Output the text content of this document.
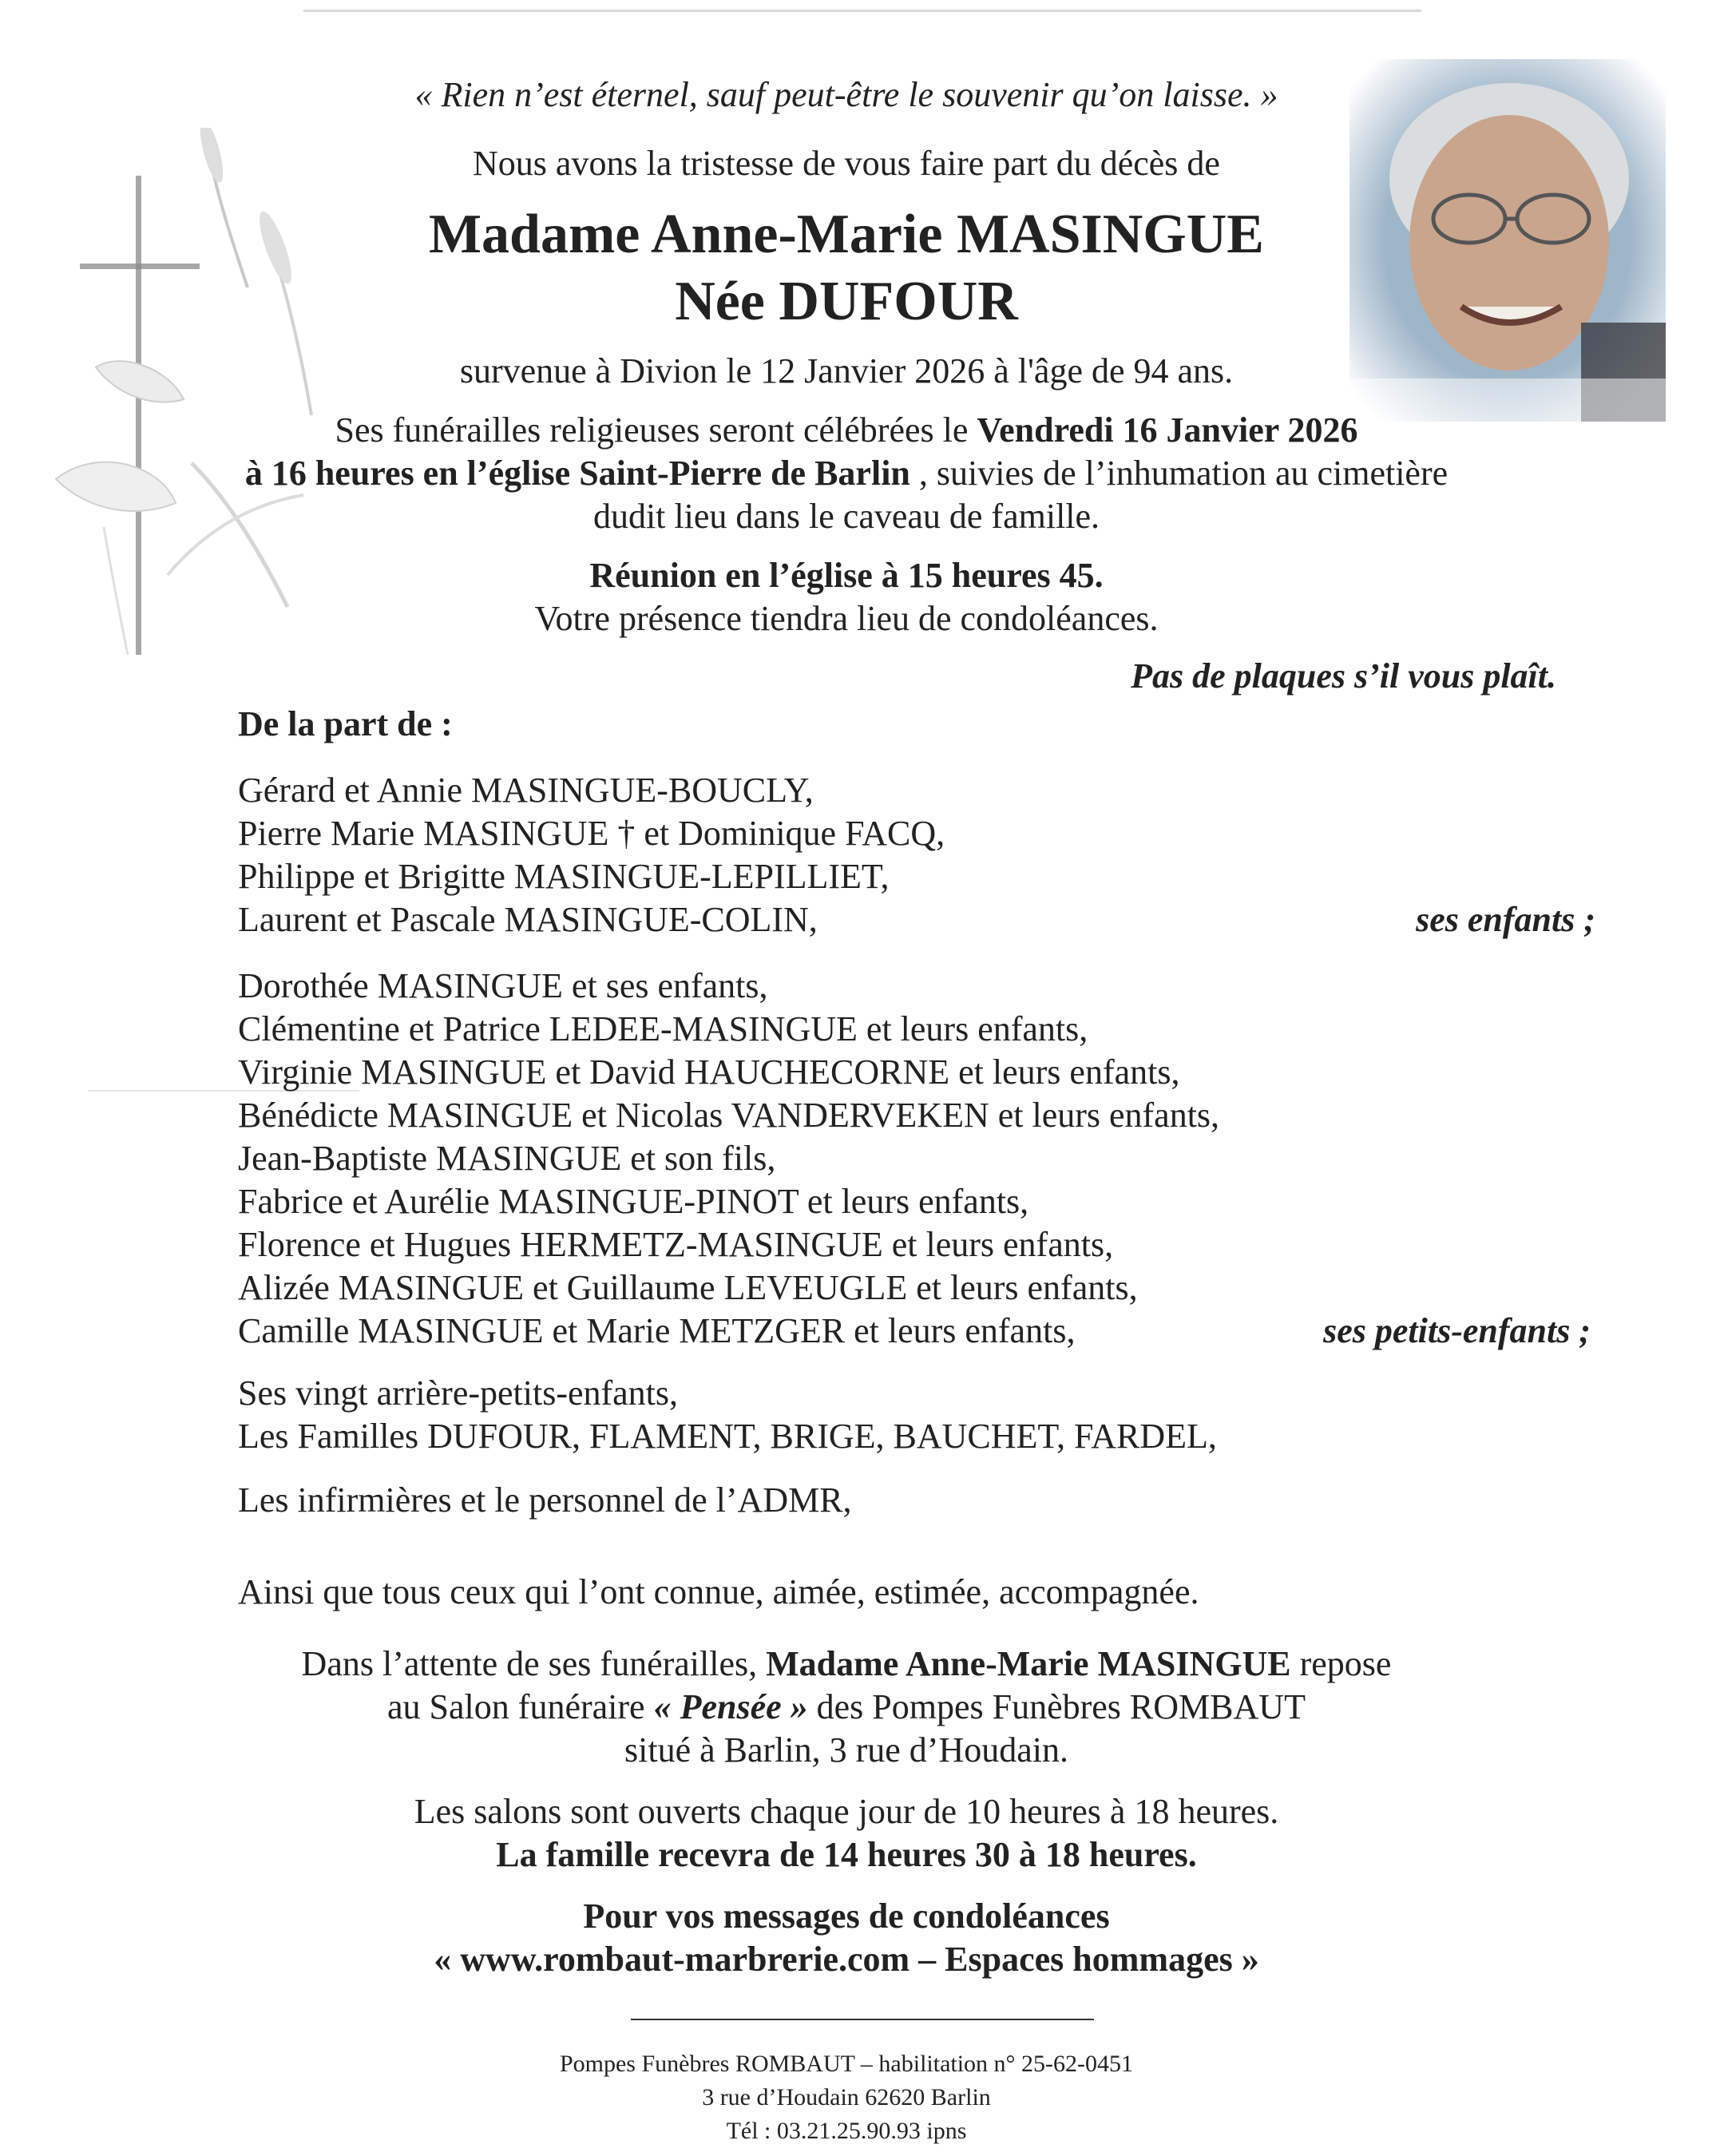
« Rien n’est éternel, sauf peut-être le souvenir qu’on laisse. »
Nous avons la tristesse de vous faire part du décès de
Madame Anne-Marie MASINGUE
Née DUFOUR
survenue à Divion le 12 Janvier 2026 à l'âge de 94 ans.
Ses funérailles religieuses seront célébrées le Vendredi 16 Janvier 2026
à 16 heures en l’église Saint-Pierre de Barlin , suivies de l’inhumation au cimetière
dudit lieu dans le caveau de famille.
Réunion en l’église à 15 heures 45.
Votre présence tiendra lieu de condoléances.
Pas de plaques s’il vous plaît.
De la part de :
Gérard et Annie MASINGUE-BOUCLY,
Pierre Marie MASINGUE † et Dominique FACQ,
Philippe et Brigitte MASINGUE-LEPILLIET,
Laurent et Pascale MASINGUE-COLIN,	ses enfants ;
Dorothée MASINGUE et ses enfants,
Clémentine et Patrice LEDEE-MASINGUE et leurs enfants,
Virginie MASINGUE et David HAUCHECORNE et leurs enfants,
Bénédicte MASINGUE et Nicolas VANDERVEKEN et leurs enfants,
Jean-Baptiste MASINGUE et son fils,
Fabrice et Aurélie MASINGUE-PINOT et leurs enfants,
Florence et Hugues HERMETZ-MASINGUE et leurs enfants,
Alizée MASINGUE et Guillaume LEVEUGLE et leurs enfants,
Camille MASINGUE et Marie METZGER et leurs enfants,	ses petits-enfants ;
Ses vingt arrière-petits-enfants,
Les Familles DUFOUR, FLAMENT, BRIGE, BAUCHET, FARDEL,
Les infirmières et le personnel de l’ADMR,
Ainsi que tous ceux qui l’ont connue, aimée, estimée, accompagnée.
Dans l’attente de ses funérailles, Madame Anne-Marie MASINGUE repose
au Salon funéraire « Pensée » des Pompes Funèbres ROMBAUT
situé à Barlin, 3 rue d’Houdain.
Les salons sont ouverts chaque jour de 10 heures à 18 heures.
La famille recevra de 14 heures 30 à 18 heures.
Pour vos messages de condoléances
« www.rombaut-marbrerie.com – Espaces hommages »
Pompes Funèbres ROMBAUT – habilitation n° 25-62-0451
3 rue d’Houdain 62620 Barlin
Tél : 03.21.25.90.93 ipns
